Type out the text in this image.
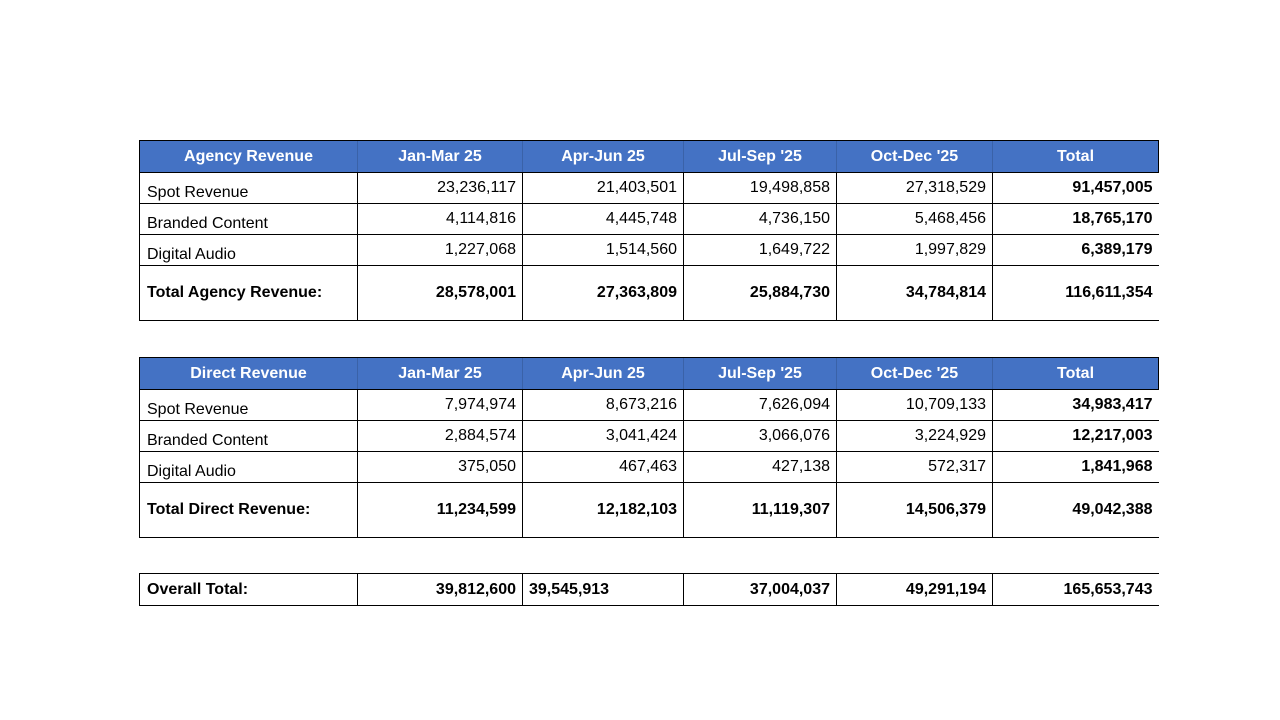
Agency Revenue	Jan-Mar 25	Apr-Jun 25	Jul-Sep '25	Oct-Dec '25	Total
Spot Revenue	23,236,117	21,403,501	19,498,858	27,318,529	91,457,005
Branded Content	4,114,816	4,445,748	4,736,150	5,468,456	18,765,170
Digital Audio	1,227,068	1,514,560	1,649,722	1,997,829	6,389,179
Total Agency Revenue:	28,578,001	27,363,809	25,884,730	34,784,814	116,611,354
Direct Revenue	Jan-Mar 25	Apr-Jun 25	Jul-Sep '25	Oct-Dec '25	Total
Spot Revenue	7,974,974	8,673,216	7,626,094	10,709,133	34,983,417
Branded Content	2,884,574	3,041,424	3,066,076	3,224,929	12,217,003
Digital Audio	375,050	467,463	427,138	572,317	1,841,968
Total Direct Revenue:	11,234,599	12,182,103	11,119,307	14,506,379	49,042,388
Overall Total:	39,812,600	39,545,913	37,004,037	49,291,194	165,653,743
